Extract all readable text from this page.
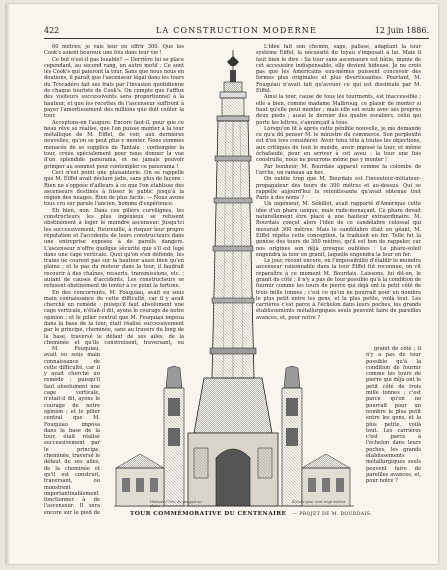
422	LA CONSTRUCTION MODERNE	12 Juin 1886.

60 mètres; je vais leur en offrir 300. Que les Cook's soient heureux une fois dans leur vie !

Ce but n'est-il pas louable? — Derrière lui se place cependant, au second rang, un autre motif : Ce sont les Cook's qui paieront la tour. Sans que nous nous en doutions, il paraît que l'ascenseur légal dans les tours du Trocadéro fait ses frais par l'invasion quotidienne de chaque touriste de Cook's. On compte que l'afflux des visiteurs successivents sera proportionnel à la hauteur, et que les recettes de l'ascenseur suffiront à payer l'amortissement des millions que doit coûter la tour.

Acceptons-en l'augure. Encore faut-il, pour que ce beau rêve se réalise, que l'on puisse monter à la tour métallique de M. Eiffel, de voir, aux dernières nouvelles, qu'on se peut plus y monter. Nous sommes menacés de se supplice de Tantale : contempler la tour, créée spécialement pour nous donner la vue d'un splendide panorama, et ne jamais pouvoir grimper au sommet pour contempler ce panorama !

Ceci n'est point une plaisanterie. On se rappelle que M. Eiffel avait déclaré jadis, sans plus de façons : Rien ne s'oppose d'ailleurs à ce que l'on établisse des ascenseurs destinés à hisser le public jusqu'à la région des nuages. Rien de plus facile. — Nous avons tous cru sur parole l'ancien, homme d'expérience.

Eh bien, non. Dans ces piliers curvilignes, les constructeurs les plus ingénieux se refusent obstinément à loger le moindre ascenseur. Jusqu'ici les successivement, Heureuille, à risquer leur propre réputation et l'accidente de leurs constructeurs dans une entreprise exposée à de pareils dangers. L'ascenseur n'offre quelque sécurité que s'il est logé dans une cage verticale. Quoi qu'on s'en défende, les trains ne courent pas sur la hauteur aussi bien qu'en plaine ; et le pas du moteur dans la tour, il faudrait recourir à des chaînes, ressorts, transmissions, etc. ; autant de causes d'accidents. Les constructeurs se refusent obstinément de tenter à ce point la fortune.

En des concurrents, M. Fouquiau, avait eu sous main connaissance de cette difficulté, car il y avait cherché un remède : puisqu'il faut absolument une cage verticale, n'était-il dit, ayons le courage de notre opinion ; et le pilier central que M. Fouquiau imposa dans la base de la tour, était réalisé successivement par le principe, cheminée, sans au travers du long de la base, traversé le défaut de ses ailes, de la cheminée et qu'ils construisent, traversant, ou

L'idée fait son chemin, sage, palisse, adaptant la tour système Eiffel, la nécessité du tuyau s'imposait à lui. Mais il faut bien le dire : Sa tour sans ascenseurs est bâtie, munie de cet accessoire indispensable, elle devient hideuse. Je ne crois pas que les Américains eux-mêmes puissent concevoir des formes plus originales et plus divertissantes. Pourtant, M. Fouquiau n'avait fait qu'avouer ce qui est dissimulé par M. Eiffel.

Ainsi la tour, cause de tous les tourments, est inaccessible ; elle a bien, comme madame Malbroug, ce plaisir de monter si haut qu'elle peut monter ; mais elle est seule avec ses propres deux pieds ; aussi le dernier des quatre escaliers, celui qui porte les lettres, s'annonçait à tous.

Lorsqu'on lit à après cette pénible nouvelle, je me demande ce qu'a dû penser M. le ministre du commerce. Son perplexité est d'en très considérer. Avoir tenu tête à toutes les objections, aux critiques de tout le monde, avoir imposé la tour, et même échafaudé, pour en arriver à cet aveu : la tour une fois construite, nous ne pourrons même pas y monter !

Par bonheur, M. Bourdais apparut comme la colombe de l'arche, un rameau au bec.

On oublie trop que M. Bourdais est l'inventeur-initiateur-propagateur des tours de 300 mètres et au-dessus. Qui se rappelle aujourd'hui la retentissante qu'avait obtenue tout Paris à des noms ?

Un ingénieur, M. Sébillot, avait rapporté d'Amérique cette idée d'un phare unique, mais rude-menaçant. Ce phare devait naturellement être placé à une hauteur extraordinaire. M. Bourdais conçut alors l'idée de ce candélabre colossal qui mesurait 300 mètres. Mais le candélabre était un géant, M. Eiffel répéta cette conception, la traduisit en fer. Telle fut la genèse des tours de 300 mètres, qu'il est bon de rappeler, car nos origines son déjà presque oubliées : Le phare-soleil engendra la tour en granit, laquelle engendra la tour en fer.

Le jour, récent encore, où l'impossibilité d'établir le moindre ascenseur raisonnable dans la tour Eiffel fut reconnue, on vit reparaître à ce moment M. Bourdais. Laissons, lui dit-on, le granit de côté ; il n'y a pas de tour possible qu'à la condition de fournir comme les tours de pierre qui déjà ont le petit côté de trois mille tonnes ; c'est ce qu'on ne pourrait pour un nombre le plus petit entre les gens, et la plus petite, voilà tout. Les carrières c'est parce à l'échelon dans leurs poches, les grands établissements métallurgiques seuls peuvent faire de pareilles avances, et, pour notre ?

M. Fouquiau, avait eu sous main connaissance de cette difficulté, car il y avait cherché un remède : puisqu'il faut absolument une cage verticale, n'était-il dit, ayons le courage de notre opinion ; et le pilier central que M. Fouquiau imposa dans la base de la tour, était réalisé successivement par le principe, cheminée, traversé le défaut de ses ailes, de la cheminée et qu'il est construit, traversant, ou monstrent importantinablement fonctionner à de l'ascenseur. Il sera encore sur le pied de

granit de côté ; il n'y a pas de tour possible qu'à la condition de fournir comme les tours de pierre qui déjà ont le petit côté de trois mille tonnes ; c'est parce qu'on ne pourrait pour un nombre le plus petit entre les gens, et la plus petite, voilà tout. Les carrières c'est parce à l'échelon dans leurs poches, les grands établissements métallurgiques seuls peuvent faire de pareilles avances, et, pour notre ?

Hauteur 370m, du parquet au phare
Échelle pour cent vingt mètres
TOUR COMMÉMORATIVE DU CENTENAIRE — PROJET DE M. BOURDAIS.
